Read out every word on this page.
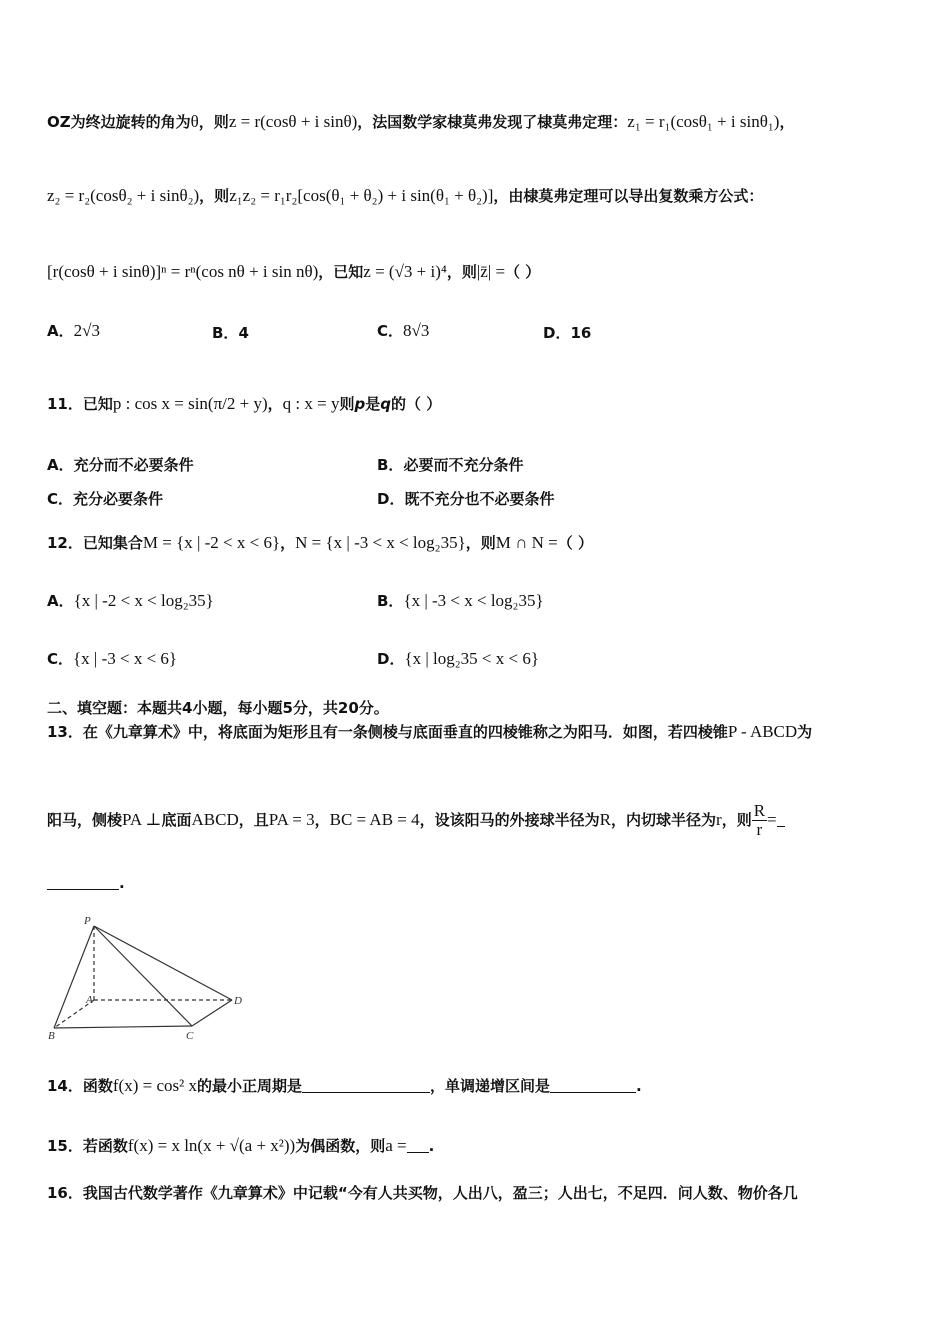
OZ为终边旋转的角为θ，则z = r(cosθ + i sinθ)，法国数学家棣莫弗发现了棣莫弗定理：z₁ = r₁(cosθ₁ + i sinθ₁)，
z₂ = r₂(cosθ₂ + i sinθ₂)，则z₁z₂ = r₁r₂[cos(θ₁ + θ₂) + i sin(θ₁ + θ₂)]，由棣莫弗定理可以导出复数乘方公式：
[r(cosθ + i sinθ)]ⁿ = rⁿ(cos nθ + i sin nθ)，已知z = (√3 + i)⁴，则|z̄| =（ ）
A．2√3	B．4	C．8√3	D．16
11．已知p : cos x = sin(π/2 + y)，q : x = y则p是q的（ ）
A．充分而不必要条件	B．必要而不充分条件
C．充分必要条件	D．既不充分也不必要条件
12．已知集合M = {x | -2 < x < 6}，N = {x | -3 < x < log₂35}，则M ∩ N =（ ）
A．{x | -2 < x < log₂35}	B．{x | -3 < x < log₂35}
C．{x | -3 < x < 6}	D．{x | log₂35 < x < 6}
二、填空题：本题共4小题，每小题5分，共20分。
13．在《九章算术》中，将底面为矩形且有一条侧棱与底面垂直的四棱锥称之为阳马．如图，若四棱锥P - ABCD为
阳马，侧棱PA ⊥底面ABCD，且PA = 3，BC = AB = 4，设该阳马的外接球半径为R，内切球半径为r，则 $\frac{R}{r}$ =
.
P
A
B	C
D
14．函数f(x) = cos² x的最小正周期是	，单调递增区间是	.
15．若函数f(x) = x ln(x + √(a + x²))为偶函数，则a = .
16．我国古代数学著作《九章算术》中记载“今有人共买物，人出八，盈三；人出七，不足四．问人数、物价各几
